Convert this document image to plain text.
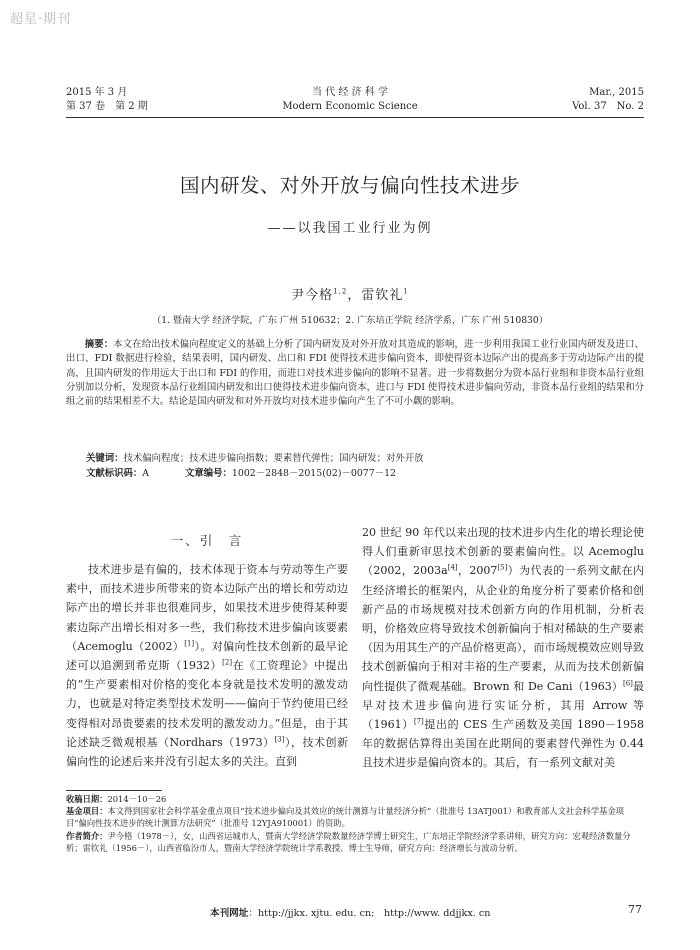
超星·期刊
2015 年 3 月
第 37 卷　第 2 期
当 代 经 济 科 学
Modern Economic Science
Mar., 2015
Vol. 37　No. 2
国内研发、对外开放与偏向性技术进步
——以我国工业行业为例
尹今格$^{1,2}$，雷钦礼$^1$
（1. 暨南大学 经济学院，广东 广州 510632；2. 广东培正学院 经济学系，广东 广州 510830）

摘要：本文在给出技术偏向程度定义的基础上分析了国内研发及对外开放对其造成的影响，进一步利用我国工业行业国内研发及进口、出口、FDI 数据进行检验，结果表明，国内研发、出口和 FDI 使得技术进步偏向资本，即使得资本边际产出的提高多于劳动边际产出的提高，且国内研发的作用远大于出口和 FDI 的作用，而进口对技术进步偏向的影响不显著。进一步将数据分为资本品行业组和非资本品行业组分别加以分析，发现资本品行业组国内研发和出口使得技术进步偏向资本，进口与 FDI 使得技术进步偏向劳动，非资本品行业组的结果和分组之前的结果相差不大。结论是国内研发和对外开放均对技术进步偏向产生了不可小觑的影响。

关键词：技术偏向程度；技术进步偏向指数；要素替代弹性；国内研发；对外开放
文献标识码：A	文章编号：1002－2848－2015(02)－0077－12
一、引　言

技术进步是有偏的，技术体现于资本与劳动等生产要素中，而技术进步所带来的资本边际产出的增长和劳动边际产出的增长并非也很难同步，如果技术进步使得某种要素边际产出增长相对多一些，我们称技术进步偏向该要素（Acemoglu（2002）[1]）。对偏向性技术创新的最早论述可以追溯到希克斯（1932）[2]在《工资理论》中提出的“生产要素相对价格的变化本身就是技术发明的激发动力，也就是对特定类型技术发明——偏向于节约使用已经变得相对昂贵要素的技术发明的激发动力。”但是，由于其论述缺乏微观根基（Nordhars（1973）[3]），技术创新偏向性的论述后来并没有引起太多的关注。直到

20 世纪 90 年代以来出现的技术进步内生化的增长理论使得人们重新审思技术创新的要素偏向性。以 Acemoglu（2002，2003a[4]，2007[5]）为代表的一系列文献在内生经济增长的框架内，从企业的角度分析了要素价格和创新产品的市场规模对技术创新方向的作用机制，分析表明，价格效应将导致技术创新偏向于相对稀缺的生产要素（因为用其生产的产品价格更高），而市场规模效应则导致技术创新偏向于相对丰裕的生产要素，从而为技术创新偏向性提供了微观基础。Brown 和 De Cani（1963）[6]最早对技术进步偏向进行实证分析，其用 Arrow 等（1961）[7]提出的 CES 生产函数及美国 1890－1958 年的数据估算得出美国在此期间的要素替代弹性为 0.44 且技术进步是偏向资本的。其后，有一系列文献对美

收稿日期：2014－10－26

基金项目：本文得到国家社会科学基金重点项目“技术进步偏向及其效应的统计测算与计量经济分析”（批准号 13ATJ001）和教育部人文社会科学基金项目“偏向性技术进步的统计测算方法研究”（批准号 12YJA910001）的资助。

作者简介：尹今格（1978－），女，山西省运城市人，暨南大学经济学院数量经济学博士研究生，广东培正学院经济学系讲师，研究方向：宏观经济数量分析；雷钦礼（1956－），山西省临汾市人，暨南大学经济学院统计学系教授、博士生导师，研究方向：经济增长与波动分析。

本刊网址：http://jjkx. xjtu. edu. cn;　http://www. ddjjkx. cn	77
